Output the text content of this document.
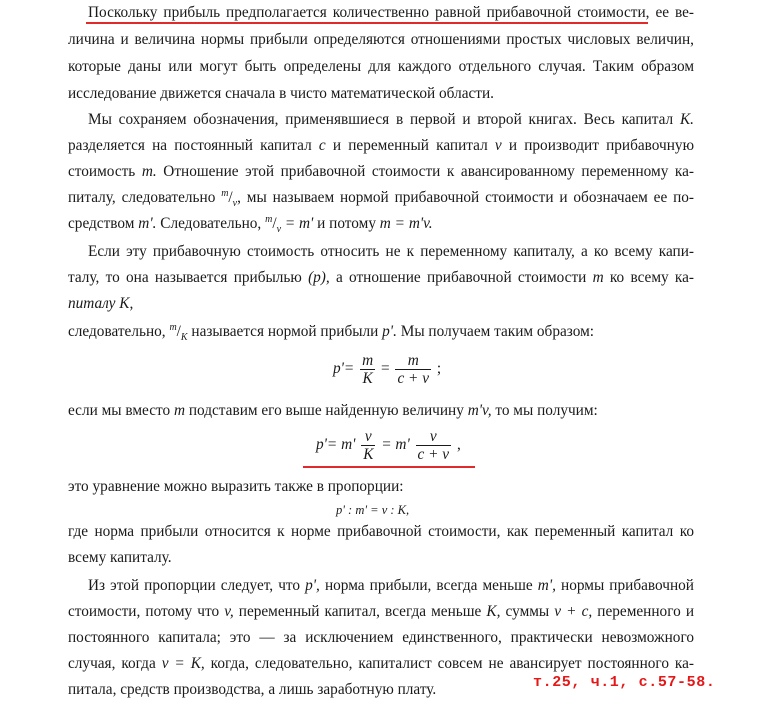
Поскольку прибыль предполагается количественно равной прибавочной стоимости, ее ве-
личина и величина нормы прибыли определяются отношениями простых числовых величин,
которые даны или могут быть определены для каждого отдельного случая. Таким образом
исследование движется сначала в чисто математической области.
Мы сохраняем обозначения, применявшиеся в первой и второй книгах. Весь капитал K.
разделяется на постоянный капитал c и переменный капитал v и производит прибавочную
стоимость m. Отношение этой прибавочной стоимости к авансированному переменному ка-
питалу, следовательно $^m/_v$, мы называем нормой прибавочной стоимости и обозначаем ее по-
средством m'. Следовательно, $^m/_v = m'$ и потому m = m'v.
Если эту прибавочную стоимость относить не к переменному капиталу, а ко всему капи-
талу, то она называется прибылью (p), а отношение прибавочной стоимости m ко всему ка-
питалу K,
следовательно, $^m/_K$ называется нормой прибыли p'. Мы получаем таким образом:
$p'= \frac{m}{K} = \frac{m}{c + v}$ ;
если мы вместо m подставим его выше найденную величину m'v, то мы получим:
$p'= m' \frac{v}{K} = m' \frac{v}{c + v}$ ,
это уравнение можно выразить также в пропорции:
p' : m' = v : K,
где норма прибыли относится к норме прибавочной стоимости, как переменный капитал ко
всему капиталу.
Из этой пропорции следует, что p', норма прибыли, всегда меньше m', нормы прибавочной
стоимости, потому что v, переменный капитал, всегда меньше K, суммы v + c, переменного и
постоянного капитала; это — за исключением единственного, практически невозможного
случая, когда v = K, когда, следовательно, капиталист совсем не авансирует постоянного ка-
питала, средств производства, а лишь заработную плату.	т.25, ч.1, с.57-58.
